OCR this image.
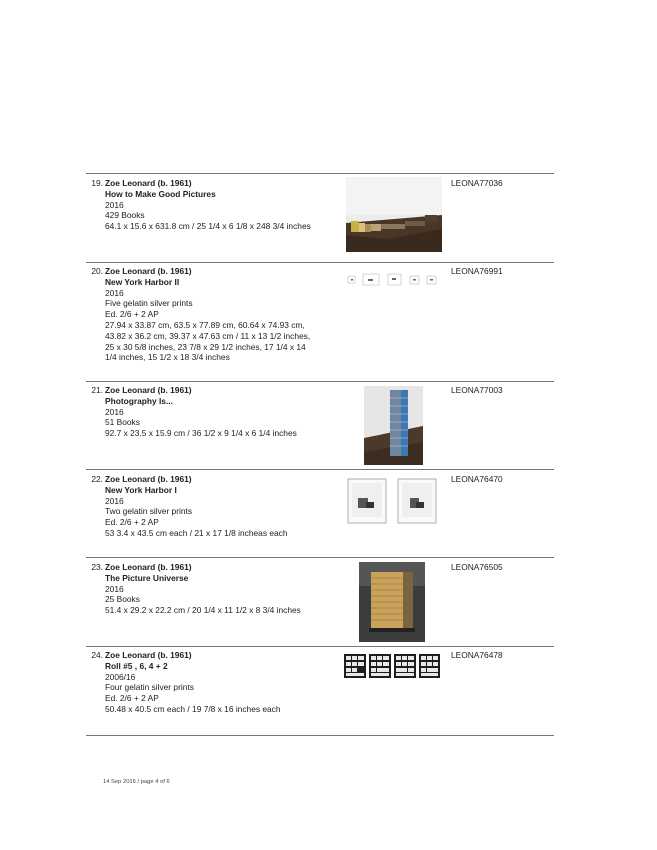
19. Zoe Leonard (b. 1961)
How to Make Good Pictures
2016
429 Books
64.1 x 15.6 x 631.8 cm / 25 1/4 x 6 1/8 x 248 3/4 inches
LEONA77036
20. Zoe Leonard (b. 1961)
New York Harbor II
2016
Five gelatin silver prints
Ed. 2/6 + 2 AP
27.94 x 33.87 cm, 63.5 x 77.89 cm, 60.64 x 74.93 cm,
43.82 x 36.2 cm, 39.37 x 47.63 cm / 11 x 13 1/2 inches,
25 x 30 5/8 inches, 23 7/8 x 29 1/2 inches, 17 1/4 x 14
1/4 inches, 15 1/2 x 18 3/4 inches
LEONA76991
21. Zoe Leonard (b. 1961)
Photography Is...
2016
51 Books
92.7 x 23.5 x 15.9 cm / 36 1/2 x 9 1/4 x 6 1/4 inches
LEONA77003
22. Zoe Leonard (b. 1961)
New York Harbor I
2016
Two gelatin silver prints
Ed. 2/6 + 2 AP
53 3.4 x 43.5 cm each / 21 x 17 1/8 incheas each
LEONA76470
23. Zoe Leonard (b. 1961)
The Picture Universe
2016
25 Books
51.4 x 29.2 x 22.2 cm / 20 1/4 x 11 1/2 x 8 3/4 inches
LEONA76505
24. Zoe Leonard (b. 1961)
Roll #5 , 6, 4 + 2
2006/16
Four gelatin silver prints
Ed. 2/6 + 2 AP
50.48 x 40.5 cm each / 19 7/8 x 16 inches each
LEONA76478
14 Sep 2016 / page 4 of 6
